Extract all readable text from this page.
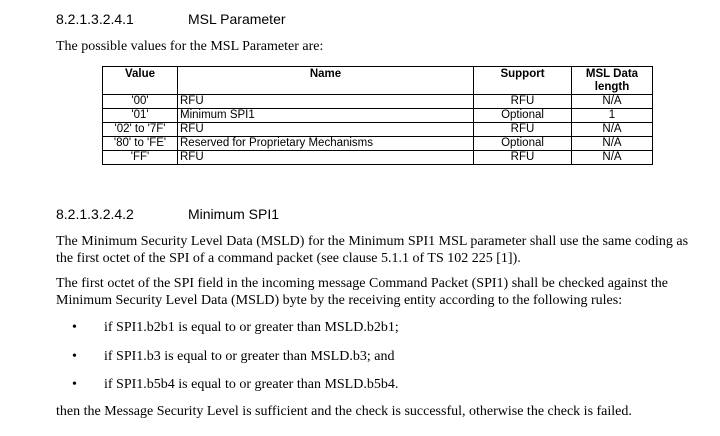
8.2.1.3.2.4.1	MSL Parameter
The possible values for the MSL Parameter are:
Value	Name	Support	MSL Data length
'00'	RFU	RFU	N/A
'01'	Minimum SPI1	Optional	1
'02' to '7F'	RFU	RFU	N/A
'80' to 'FE'	Reserved for Proprietary Mechanisms	Optional	N/A
'FF'	RFU	RFU	N/A
8.2.1.3.2.4.2	Minimum SPI1
The Minimum Security Level Data (MSLD) for the Minimum SPI1 MSL parameter shall use the same coding as the first octet of the SPI of a command packet (see clause 5.1.1 of TS 102 225 [1]).
The first octet of the SPI field in the incoming message Command Packet (SPI1) shall be checked against the Minimum Security Level Data (MSLD) byte by the receiving entity according to the following rules:
• if SPI1.b2b1 is equal to or greater than MSLD.b2b1;
• if SPI1.b3 is equal to or greater than MSLD.b3; and
• if SPI1.b5b4 is equal to or greater than MSLD.b5b4.
then the Message Security Level is sufficient and the check is successful, otherwise the check is failed.
